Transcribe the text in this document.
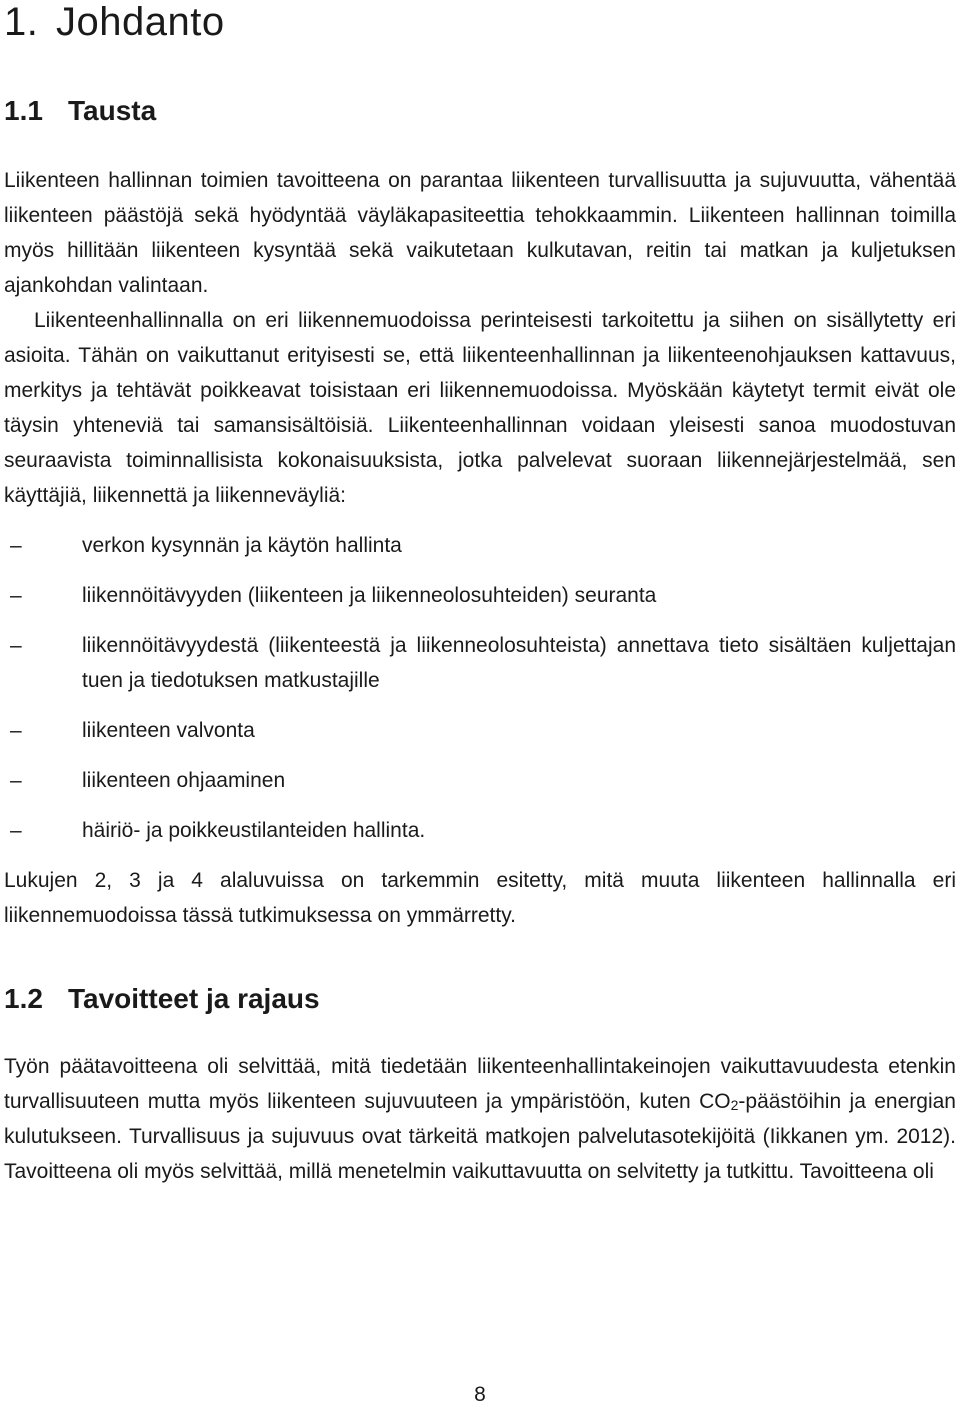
1. Johdanto
1.1 Tausta

Liikenteen hallinnan toimien tavoitteena on parantaa liikenteen turvallisuutta ja sujuvuutta, vähentää liikenteen päästöjä sekä hyödyntää väyläkapasiteettia tehokkaammin. Liikenteen hallinnan toimilla myös hillitään liikenteen kysyntää sekä vaikutetaan kulkutavan, reitin tai matkan ja kuljetuksen ajankohdan valintaan.

Liikenteenhallinnalla on eri liikennemuodoissa perinteisesti tarkoitettu ja siihen on sisällytetty eri asioita. Tähän on vaikuttanut erityisesti se, että liikenteenhallinnan ja liikenteenohjauksen kattavuus, merkitys ja tehtävät poikkeavat toisistaan eri liikennemuodoissa. Myöskään käytetyt termit eivät ole täysin yhteneviä tai samansisältöisiä. Liikenteenhallinnan voidaan yleisesti sanoa muodostuvan seuraavista toiminnallisista kokonaisuuksista, jotka palvelevat suoraan liikennejärjestelmää, sen käyttäjiä, liikennettä ja liikenneväyliä:

–	verkon kysynnän ja käytön hallinta
–	liikennöitävyyden (liikenteen ja liikenneolosuhteiden) seuranta
–	liikennöitävyydestä (liikenteestä ja liikenneolosuhteista) annettava tieto sisältäen kuljettajan tuen ja tiedotuksen matkustajille
–	liikenteen valvonta
–	liikenteen ohjaaminen
–	häiriö- ja poikkeustilanteiden hallinta.

Lukujen 2, 3 ja 4 alaluvuissa on tarkemmin esitetty, mitä muuta liikenteen hallinnalla eri liikennemuodoissa tässä tutkimuksessa on ymmärretty.

1.2 Tavoitteet ja rajaus

Työn päätavoitteena oli selvittää, mitä tiedetään liikenteenhallintakeinojen vaikuttavuudesta etenkin turvallisuuteen mutta myös liikenteen sujuvuuteen ja ympäristöön, kuten $CO_2$-päästöihin ja energian kulutukseen. Turvallisuus ja sujuvuus ovat tärkeitä matkojen palvelutasotekijöitä (Iikkanen ym. 2012). Tavoitteena oli myös selvittää, millä menetelmin vaikuttavuutta on selvitetty ja tutkittu. Tavoitteena oli

8
